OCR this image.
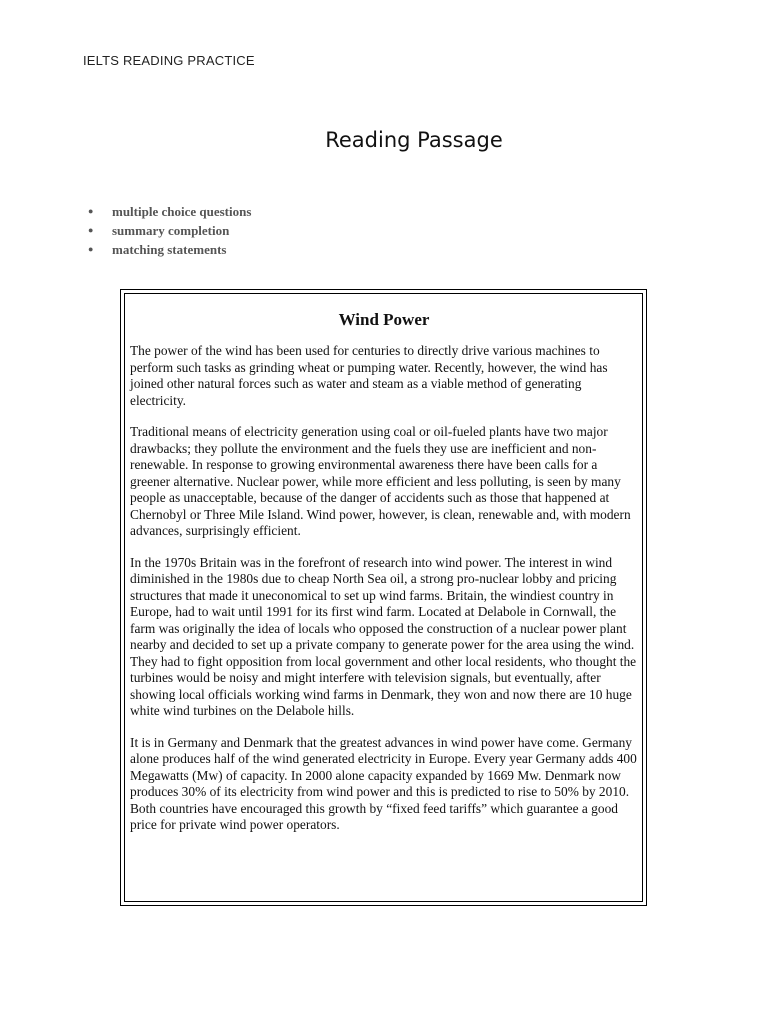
IELTS READING PRACTICE
Reading Passage
●	multiple choice questions
●	summary completion
●	matching statements
Wind Power

The power of the wind has been used for centuries to directly drive various machines to perform such tasks as grinding wheat or pumping water. Recently, however, the wind has joined other natural forces such as water and steam as a viable method of generating electricity.

Traditional means of electricity generation using coal or oil-fueled plants have two major drawbacks; they pollute the environment and the fuels they use are inefficient and non-renewable. In response to growing environmental awareness there have been calls for a greener alternative. Nuclear power, while more efficient and less polluting, is seen by many people as unacceptable, because of the danger of accidents such as those that happened at Chernobyl or Three Mile Island. Wind power, however, is clean, renewable and, with modern advances, surprisingly efficient.

In the 1970s Britain was in the forefront of research into wind power. The interest in wind diminished in the 1980s due to cheap North Sea oil, a strong pro-nuclear lobby and pricing structures that made it uneconomical to set up wind farms. Britain, the windiest country in Europe, had to wait until 1991 for its first wind farm. Located at Delabole in Cornwall, the farm was originally the idea of locals who opposed the construction of a nuclear power plant nearby and decided to set up a private company to generate power for the area using the wind. They had to fight opposition from local government and other local residents, who thought the turbines would be noisy and might interfere with television signals, but eventually, after showing local officials working wind farms in Denmark, they won and now there are 10 huge white wind turbines on the Delabole hills.

It is in Germany and Denmark that the greatest advances in wind power have come. Germany alone produces half of the wind generated electricity in Europe. Every year Germany adds 400 Megawatts (Mw) of capacity. In 2000 alone capacity expanded by 1669 Mw. Denmark now produces 30% of its electricity from wind power and this is predicted to rise to 50% by 2010. Both countries have encouraged this growth by “fixed feed tariffs” which guarantee a good price for private wind power operators.
